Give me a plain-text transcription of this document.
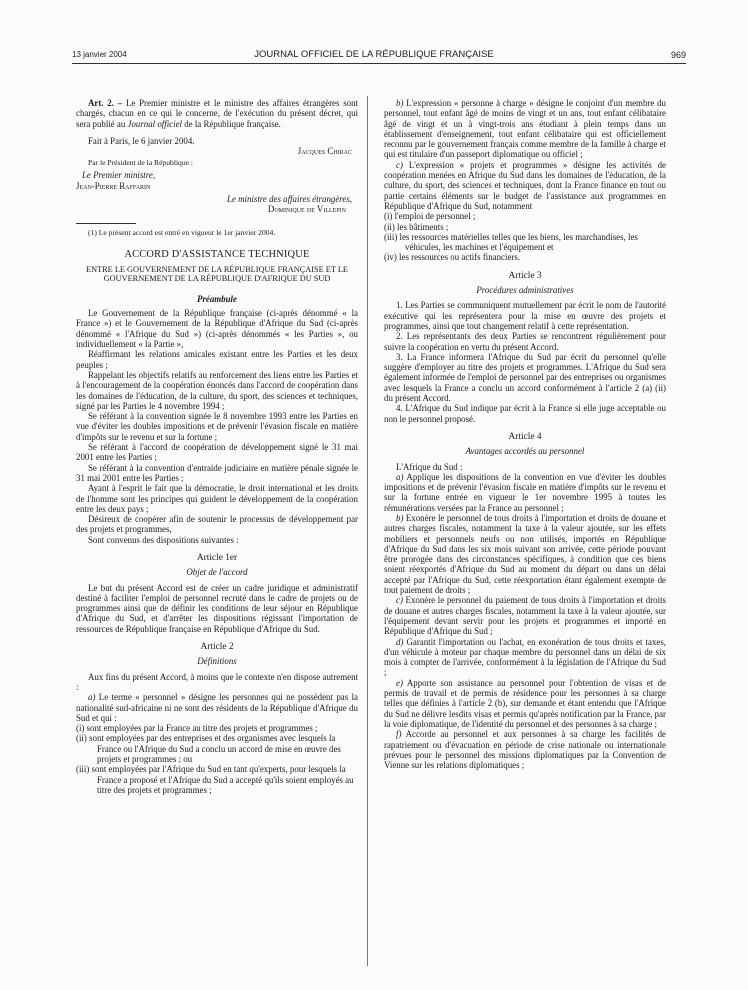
13 janvier 2004	JOURNAL OFFICIEL DE LA RÉPUBLIQUE FRANÇAISE	969

Art. 2. – Le Premier ministre et le ministre des affaires étrangères sont chargés, chacun en ce qui le concerne, de l'exécution du présent décret, qui sera publié au Journal officiel de la République française.

Fait à Paris, le 6 janvier 2004.

Jacques Chirac

Par le Président de la République :

Le Premier ministre,

Jean-Pierre Raffarin

Le ministre des affaires étrangères,

Dominique de Villepin

(1) Le présent accord est entré en vigueur le 1er janvier 2004.

ACCORD D'ASSISTANCE TECHNIQUE
ENTRE LE GOUVERNEMENT DE LA RÉPUBLIQUE FRANÇAISE ET LE GOUVERNEMENT DE LA RÉPUBLIQUE D'AFRIQUE DU SUD
Préambule

Le Gouvernement de la République française (ci-après dénommé « la France ») et le Gouvernement de la République d'Afrique du Sud (ci-après dénommé « l'Afrique du Sud ») (ci-après dénommés « les Parties », ou individuellement « la Partie »,

Réaffirmant les relations amicales existant entre les Parties et les deux peuples ;

Rappelant les objectifs relatifs au renforcement des liens entre les Parties et à l'encouragement de la coopération énoncés dans l'accord de coopération dans les domaines de l'éducation, de la culture, du sport, des sciences et techniques, signé par les Parties le 4 novembre 1994 ;

Se référant à la convention signée le 8 novembre 1993 entre les Parties en vue d'éviter les doubles impositions et de prévenir l'évasion fiscale en matière d'impôts sur le revenu et sur la fortune ;

Se référant à l'accord de coopération de développement signé le 31 mai 2001 entre les Parties ;

Se référant à la convention d'entraide judiciaire en matière pénale signée le 31 mai 2001 entre les Parties ;

Ayant à l'esprit le fait que la démocratie, le droit international et les droits de l'homme sont les principes qui guident le développement de la coopération entre les deux pays ;

Désireux de coopérer afin de soutenir le processus de développement par des projets et programmes,

Sont convenus des dispositions suivantes :

Article 1er
Objet de l'accord

Le but du présent Accord est de créer un cadre juridique et administratif destiné à faciliter l'emploi de personnel recruté dans le cadre de projets ou de programmes ainsi que de définir les conditions de leur séjour en République d'Afrique du Sud, et d'arrêter les dispositions régissant l'importation de ressources de République française en République d'Afrique du Sud.

Article 2
Définitions

Aux fins du présent Accord, à moins que le contexte n'en dispose autrement :

a) Le terme « personnel » désigne les personnes qui ne possèdent pas la nationalité sud-africaine ni ne sont des résidents de la République d'Afrique du Sud et qui :

(i) sont employées par la France au titre des projets et programmes ;

(ii) sont employées par des entreprises et des organismes avec lesquels la France ou l'Afrique du Sud a conclu un accord de mise en œuvre des projets et programmes ; ou

(iii) sont employées par l'Afrique du Sud en tant qu'experts, pour lesquels la France a proposé et l'Afrique du Sud a accepté qu'ils soient employés au titre des projets et programmes ;

b) L'expression « personne à charge » désigne le conjoint d'un membre du personnel, tout enfant âgé de moins de vingt et un ans, tout enfant célibataire âgé de vingt et un à vingt-trois ans étudiant à plein temps dans un établissement d'enseignement, tout enfant célibataire qui est officiellement reconnu par le gouvernement français comme membre de la famille à charge et qui est titulaire d'un passeport diplomatique ou officiel ;

c) L'expression « projets et programmes » désigne les activités de coopération menées en Afrique du Sud dans les domaines de l'éducation, de la culture, du sport, des sciences et techniques, dont la France finance en tout ou partie certains éléments sur le budget de l'assistance aux programmes en République d'Afrique du Sud, notamment

(i) l'emploi de personnel ;

(ii) les bâtiments ;

(iii) les ressources matérielles telles que les biens, les marchandises, les véhicules, les machines et l'équipement et

(iv) les ressources ou actifs financiers.

Article 3
Procédures administratives

1. Les Parties se communiquent mutuellement par écrit le nom de l'autorité exécutive qui les représentera pour la mise en œuvre des projets et programmes, ainsi que tout changement relatif à cette représentation.

2. Les représentants des deux Parties se rencontrent régulièrement pour suivre la coopération en vertu du présent Accord.

3. La France informera l'Afrique du Sud par écrit du personnel qu'elle suggère d'employer au titre des projets et programmes. L'Afrique du Sud sera également informée de l'emploi de personnel par des entreprises ou organismes avec lesquels la France a conclu un accord conformément à l'article 2 (a) (ii) du présent Accord.

4. L'Afrique du Sud indique par écrit à la France si elle juge acceptable ou non le personnel proposé.

Article 4
Avantages accordés au personnel

L'Afrique du Sud :

a) Applique les dispositions de la convention en vue d'éviter les doubles impositions et de prévenir l'évasion fiscale en matière d'impôts sur le revenu et sur la fortune entrée en vigueur le 1er novembre 1995 à toutes les rémunérations versées par la France au personnel ;

b) Exonère le personnel de tous droits à l'importation et droits de douane et autres charges fiscales, notamment la taxe à la valeur ajoutée, sur les effets mobiliers et personnels neufs ou non utilisés, importés en République d'Afrique du Sud dans les six mois suivant son arrivée, cette période pouvant être prorogée dans des circonstances spécifiques, à condition que ces biens soient réexportés d'Afrique du Sud au moment du départ ou dans un délai accepté par l'Afrique du Sud, cette réexportation étant également exempte de tout paiement de droits ;

c) Exonère le personnel du paiement de tous droits à l'importation et droits de douane et autres charges fiscales, notamment la taxe à la valeur ajoutée, sur l'équipement devant servir pour les projets et programmes et importé en République d'Afrique du Sud ;

d) Garantit l'importation ou l'achat, en exonération de tous droits et taxes, d'un véhicule à moteur par chaque membre du personnel dans un délai de six mois à compter de l'arrivée, conformément à la législation de l'Afrique du Sud ;

e) Apporte son assistance au personnel pour l'obtention de visas et de permis de travail et de permis de résidence pour les personnes à sa charge telles que définies à l'article 2 (b), sur demande et étant entendu que l'Afrique du Sud ne délivre lesdits visas et permis qu'après notification par la France, par la voie diplomatique, de l'identité du personnel et des personnes à sa charge ;

f) Accorde au personnel et aux personnes à sa charge les facilités de rapatriement ou d'évacuation en période de crise nationale ou internationale prévues pour le personnel des missions diplomatiques par la Convention de Vienne sur les relations diplomatiques ;
